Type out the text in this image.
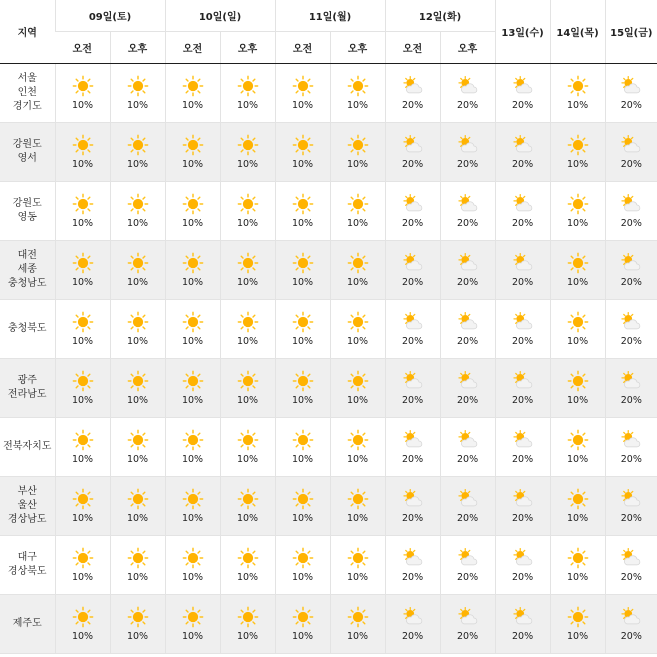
지역	09일(토)		10일(일)		11일(월)		12일(화)		13일(수)	14일(목)	15일(금)
	오전	오후	오전	오후	오전	오후	오전	오후			

서울
인천
경기도	10%	10%	10%	10%	10%	10%	20%	20%	20%	10%	20%

강원도
영서	10%	10%	10%	10%	10%	10%	20%	20%	20%	10%	20%

강원도
영동	10%	10%	10%	10%	10%	10%	20%	20%	20%	10%	20%

대전
세종
충청남도	10%	10%	10%	10%	10%	10%	20%	20%	20%	10%	20%

충청북도	10%	10%	10%	10%	10%	10%	20%	20%	20%	10%	20%

광주
전라남도	10%	10%	10%	10%	10%	10%	20%	20%	20%	10%	20%

전북자치도	10%	10%	10%	10%	10%	10%	20%	20%	20%	10%	20%

부산
울산
경상남도	10%	10%	10%	10%	10%	10%	20%	20%	20%	10%	20%

대구
경상북도	10%	10%	10%	10%	10%	10%	20%	20%	20%	10%	20%

제주도	10%	10%	10%	10%	10%	10%	20%	20%	20%	10%	20%
